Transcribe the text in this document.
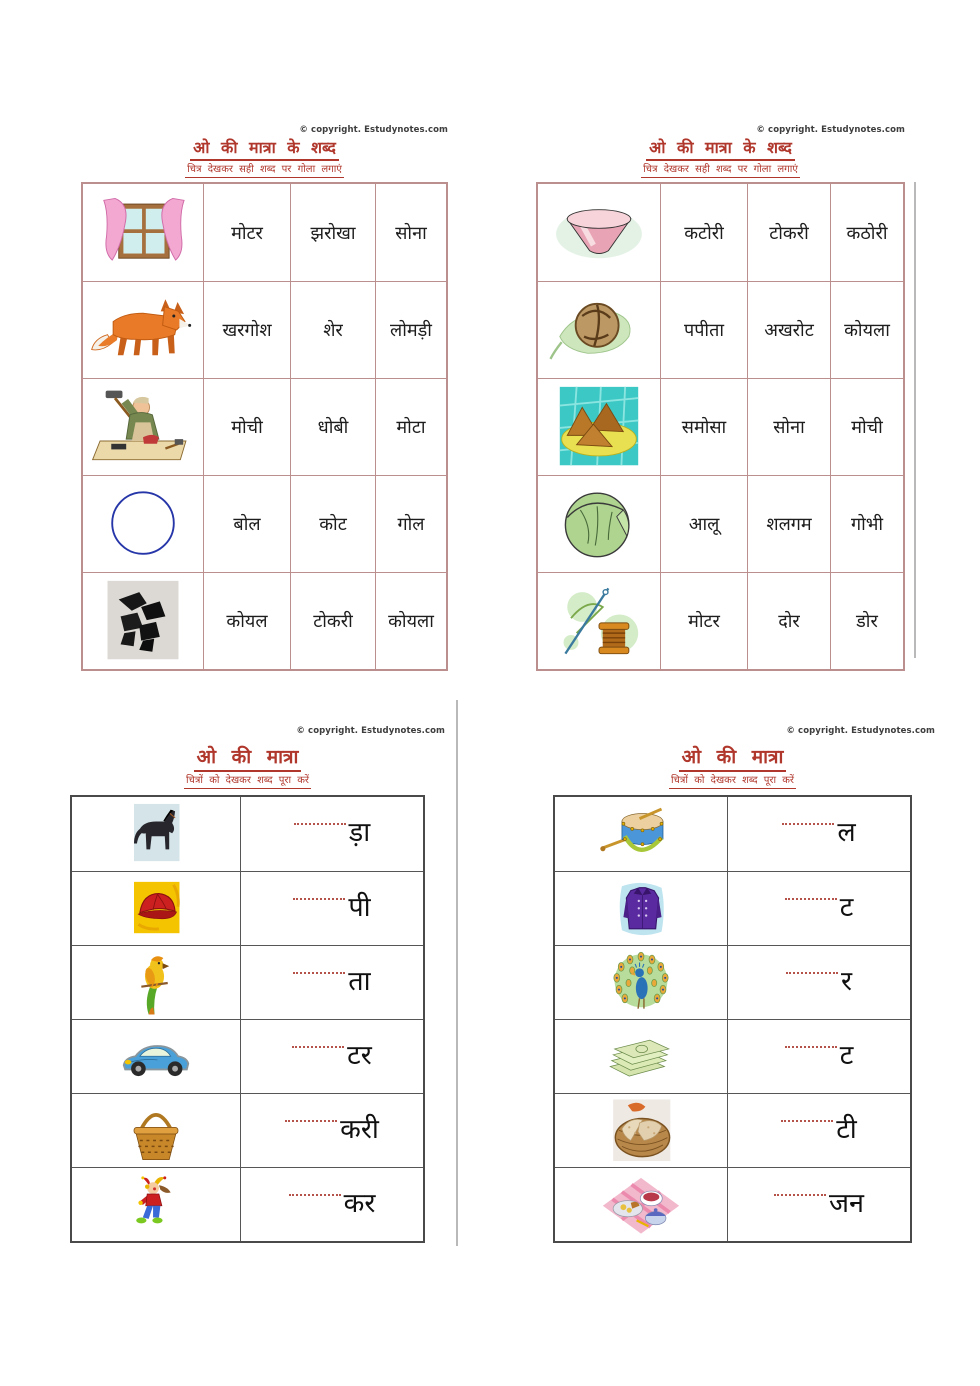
© copyright. Estudynotes.com
ओ की मात्रा के शब्द
चित्र देखकर सही शब्द पर गोला लगाएं
मोटर	झरोखा	सोना
खरगोश	शेर	लोमड़ी
मोची	धोबी	मोटा
बोल	कोट	गोल
कोयल	टोकरी	कोयला
© copyright. Estudynotes.com
ओ की मात्रा के शब्द
चित्र देखकर सही शब्द पर गोला लगाएं
कटोरी	टोकरी	कठोरी
पपीता	अखरोट	कोयला
समोसा	सोना	मोची
आलू	शलगम	गोभी
मोटर	दोर	डोर
© copyright. Estudynotes.com
ओ की मात्रा
चित्रों को देखकर शब्द पूरा करें
ड़ा
पी
ता
टर
करी
कर
© copyright. Estudynotes.com
ओ की मात्रा
चित्रों को देखकर शब्द पूरा करें
ल
ट
र
ट
टी
जन
